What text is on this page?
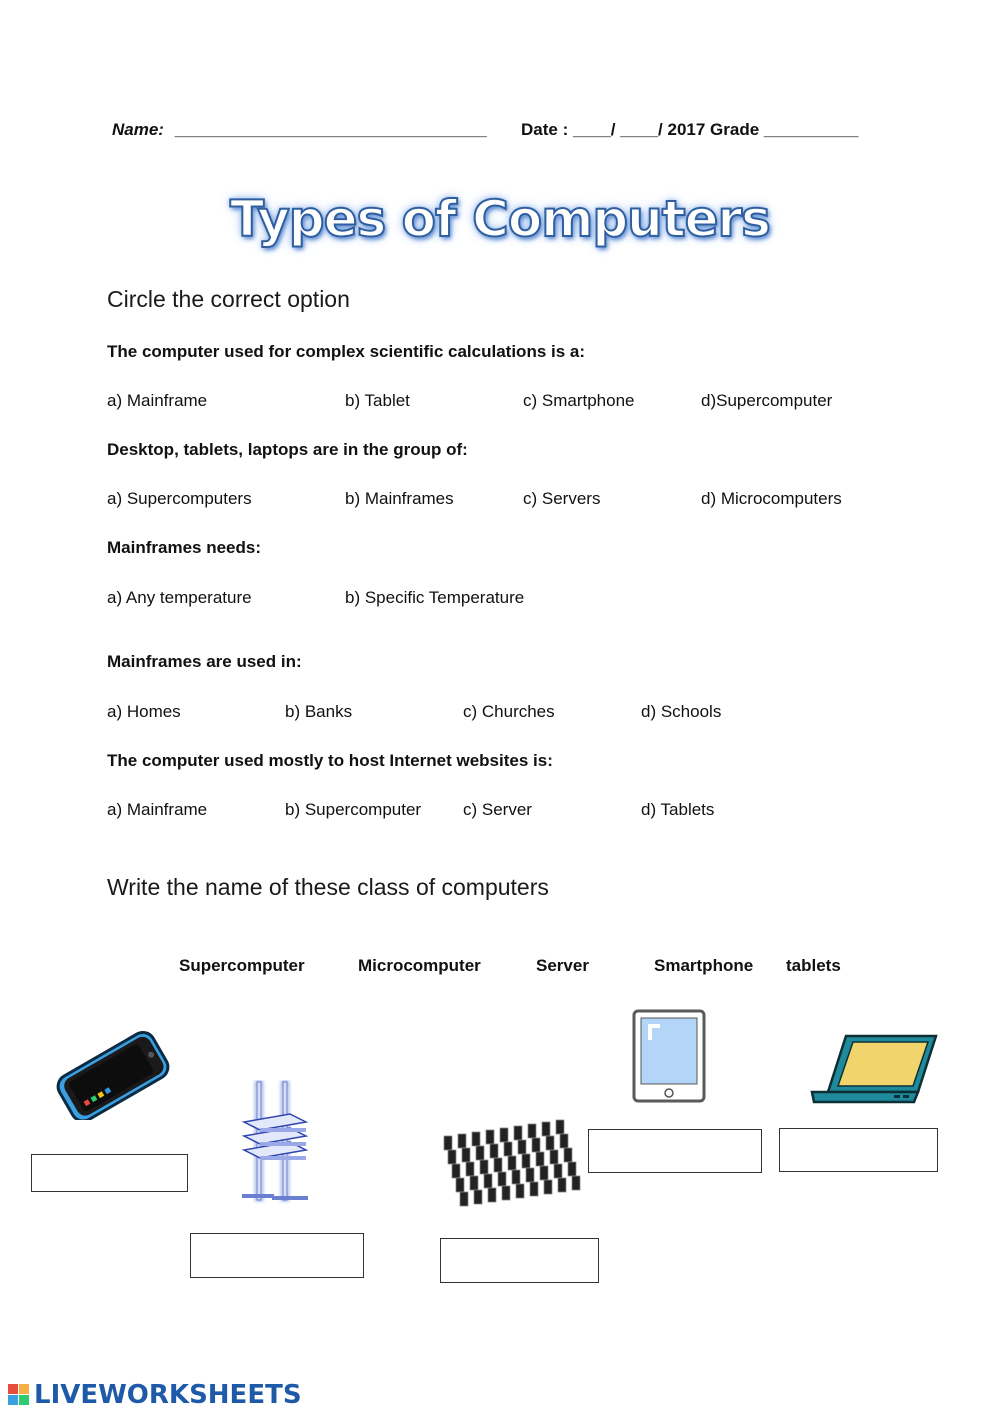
Name: _________________________________ Date : ____/ ____/ 2017 Grade __________
Types of Computers
Circle the correct option
The computer used for complex scientific calculations is a:
a) Mainframe	b) Tablet	c) Smartphone	d)Supercomputer
Desktop, tablets, laptops are in the group of:
a) Supercomputers	b) Mainframes	c) Servers	d) Microcomputers
Mainframes needs:
a) Any temperature	b) Specific Temperature
Mainframes are used in:
a) Homes	b) Banks	c) Churches	d) Schools
The computer used mostly to host Internet websites is:
a) Mainframe	b) Supercomputer c) Server	d) Tablets
Write the name of these class of computers
Supercomputer	Microcomputer	Server	Smartphone tablets
LIVEWORKSHEETS
